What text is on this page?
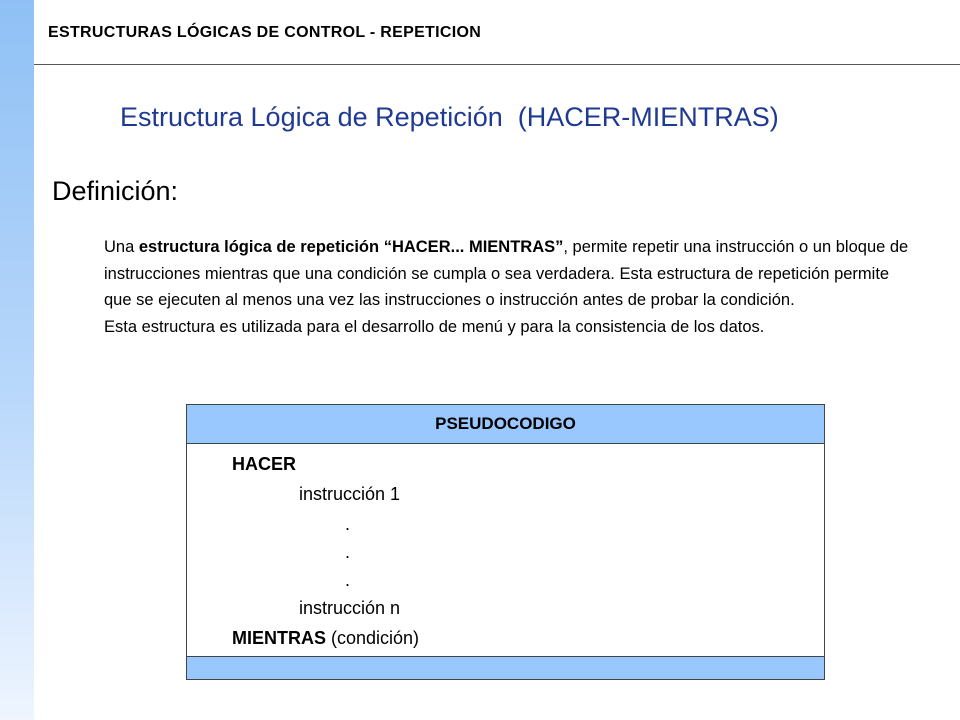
ESTRUCTURAS LÓGICAS DE CONTROL - REPETICION
Estructura Lógica de Repetición  (HACER-MIENTRAS)
Definición:
Una estructura lógica de repetición “HACER... MIENTRAS”, permite repetir una instrucción o un bloque de instrucciones mientras que una condición se cumpla o sea verdadera. Esta estructura de repetición permite que se ejecuten al menos una vez las instrucciones o instrucción antes de probar la condición.
Esta estructura es utilizada para el desarrollo de menú y para la consistencia de los datos.
PSEUDOCODIGO
HACER
instrucción 1
.
.
.
instrucción n
MIENTRAS (condición)
